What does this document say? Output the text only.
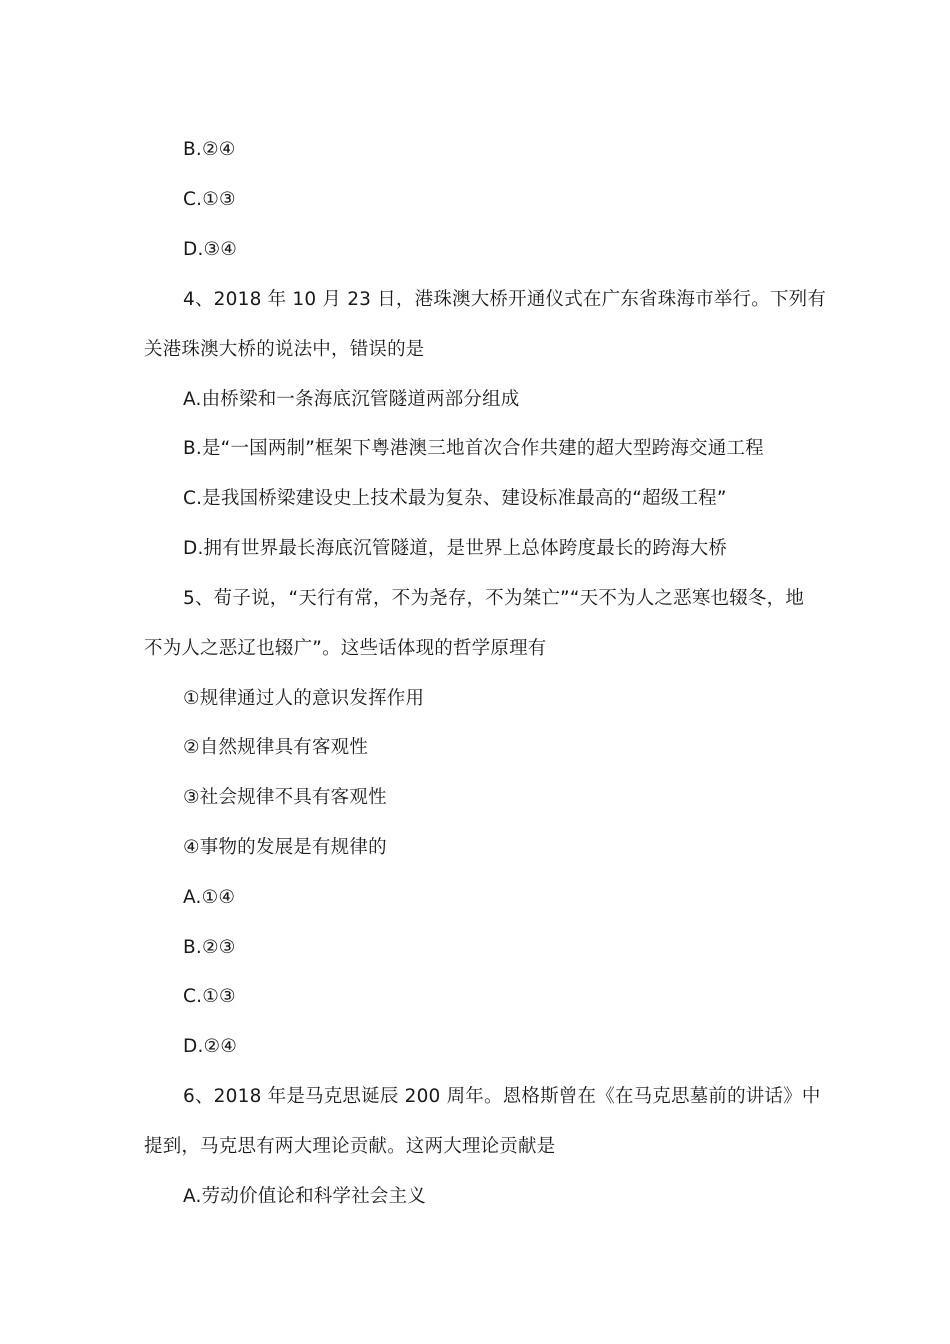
B.②④
C.①③
D.③④
4、2018 年 10 月 23 日，港珠澳大桥开通仪式在广东省珠海市举行。下列有
关港珠澳大桥的说法中，错误的是
A.由桥梁和一条海底沉管隧道两部分组成
B.是“一国两制”框架下粤港澳三地首次合作共建的超大型跨海交通工程
C.是我国桥梁建设史上技术最为复杂、建设标准最高的“超级工程”
D.拥有世界最长海底沉管隧道，是世界上总体跨度最长的跨海大桥
5、荀子说，“天行有常，不为尧存，不为桀亡”“天不为人之恶寒也辍冬，地
不为人之恶辽也辍广”。这些话体现的哲学原理有
①规律通过人的意识发挥作用
②自然规律具有客观性
③社会规律不具有客观性
④事物的发展是有规律的
A.①④
B.②③
C.①③
D.②④
6、2018 年是马克思诞辰 200 周年。恩格斯曾在《在马克思墓前的讲话》中
提到，马克思有两大理论贡献。这两大理论贡献是
A.劳动价值论和科学社会主义
